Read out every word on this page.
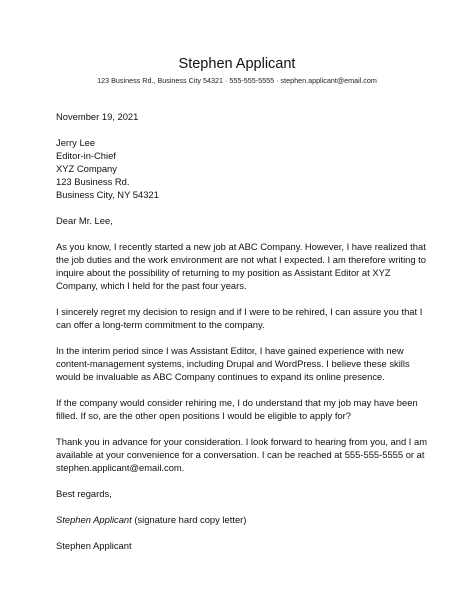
Stephen Applicant
123 Business Rd., Business City 54321 · 555-555-5555 · stephen.applicant@email.com

November 19, 2021

Jerry Lee
Editor-in-Chief
XYZ Company
123 Business Rd.
Business City, NY 54321

Dear Mr. Lee,

As you know, I recently started a new job at ABC Company. However, I have realized that the job duties and the work environment are not what I expected. I am therefore writing to inquire about the possibility of returning to my position as Assistant Editor at XYZ Company, which I held for the past four years.

I sincerely regret my decision to resign and if I were to be rehired, I can assure you that I can offer a long-term commitment to the company.

In the interim period since I was Assistant Editor, I have gained experience with new content-management systems, including Drupal and WordPress. I believe these skills would be invaluable as ABC Company continues to expand its online presence.

If the company would consider rehiring me, I do understand that my job may have been filled. If so, are the other open positions I would be eligible to apply for?

Thank you in advance for your consideration. I look forward to hearing from you, and I am available at your convenience for a conversation. I can be reached at 555-555-5555 or at stephen.applicant@email.com.

Best regards,

Stephen Applicant (signature hard copy letter)

Stephen Applicant
